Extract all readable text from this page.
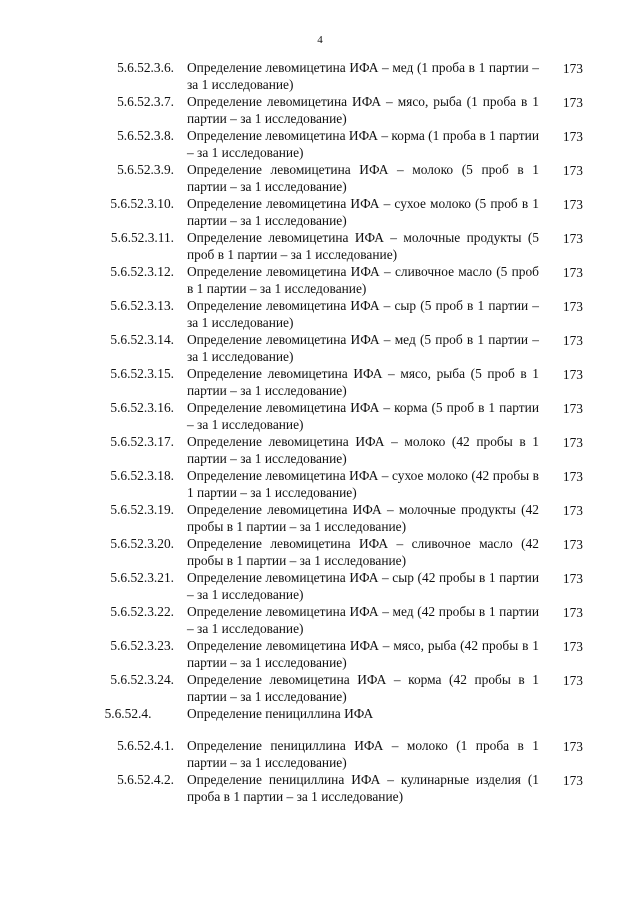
4
5.6.52.3.6. Определение левомицетина ИФА – мед (1 проба в 1 партии – за 1 исследование)
173
5.6.52.3.7. Определение левомицетина ИФА – мясо, рыба (1 проба в 1 партии – за 1 исследование)
173
5.6.52.3.8. Определение левомицетина ИФА – корма (1 проба в 1 партии – за 1 исследование)
173
5.6.52.3.9. Определение левомицетина ИФА – молоко (5 проб в 1 партии – за 1 исследование)
173
5.6.52.3.10. Определение левомицетина ИФА – сухое молоко (5 проб в 1 партии – за 1 исследование)
173
5.6.52.3.11. Определение левомицетина ИФА – молочные продукты (5 проб в 1 партии – за 1 исследование)
173
5.6.52.3.12. Определение левомицетина ИФА – сливочное масло (5 проб в 1 партии – за 1 исследование)
173
5.6.52.3.13. Определение левомицетина ИФА – сыр (5 проб в 1 партии – за 1 исследование)
173
5.6.52.3.14. Определение левомицетина ИФА – мед (5 проб в 1 партии – за 1 исследование)
173
5.6.52.3.15. Определение левомицетина ИФА – мясо, рыба (5 проб в 1 партии – за 1 исследование)
173
5.6.52.3.16. Определение левомицетина ИФА – корма (5 проб в 1 партии – за 1 исследование)
173
5.6.52.3.17. Определение левомицетина ИФА – молоко (42 пробы в 1 партии – за 1 исследование)
173
5.6.52.3.18. Определение левомицетина ИФА – сухое молоко (42 пробы в 1 партии – за 1 исследование)
173
5.6.52.3.19. Определение левомицетина ИФА – молочные продукты (42 пробы в 1 партии – за 1 исследование)
173
5.6.52.3.20. Определение левомицетина ИФА – сливочное масло (42 пробы в 1 партии – за 1 исследование)
173
5.6.52.3.21. Определение левомицетина ИФА – сыр (42 пробы в 1 партии – за 1 исследование)
173
5.6.52.3.22. Определение левомицетина ИФА – мед (42 пробы в 1 партии – за 1 исследование)
173
5.6.52.3.23. Определение левомицетина ИФА – мясо, рыба (42 пробы в 1 партии – за 1 исследование)
173
5.6.52.3.24. Определение левомицетина ИФА – корма (42 пробы в 1 партии – за 1 исследование)
173
5.6.52.4.	Определение пенициллина ИФА
5.6.52.4.1. Определение пенициллина ИФА – молоко (1 проба в 1 партии – за 1 исследование)
173
5.6.52.4.2. Определение пенициллина ИФА – кулинарные изделия (1 проба в 1 партии – за 1 исследование)
173
